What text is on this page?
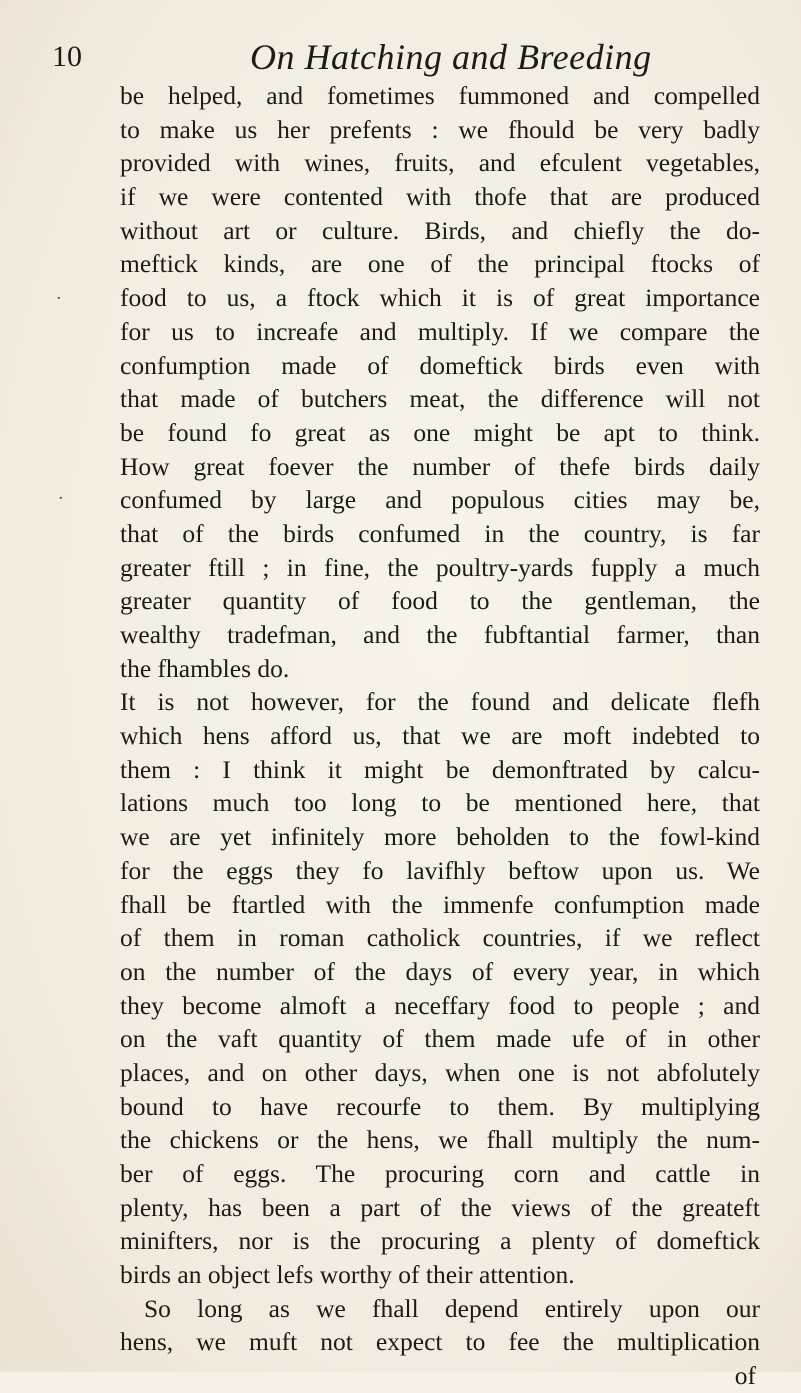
10	On Hatching and Breeding
be helped, and fometimes fummoned and compelled
to make us her prefents : we fhould be very badly
provided with wines, fruits, and efculent vegetables,
if we were contented with thofe that are produced
without art or culture. Birds, and chiefly the do-
meftick kinds, are one of the principal ftocks of
food to us, a ftock which it is of great importance
for us to increafe and multiply. If we compare the
confumption made of domeftick birds even with
that made of butchers meat, the difference will not
be found fo great as one might be apt to think.
How great foever the number of thefe birds daily
confumed by large and populous cities may be,
that of the birds confumed in the country, is far
greater ftill ; in fine, the poultry-yards fupply a much
greater quantity of food to the gentleman, the
wealthy tradefman, and the fubftantial farmer, than
the fhambles do.
It is not however, for the found and delicate flefh
which hens afford us, that we are moft indebted to
them : I think it might be demonftrated by calcu-
lations much too long to be mentioned here, that
we are yet infinitely more beholden to the fowl-kind
for the eggs they fo lavifhly beftow upon us. We
fhall be ftartled with the immenfe confumption made
of them in roman catholick countries, if we reflect
on the number of the days of every year, in which
they become almoft a neceffary food to people ; and
on the vaft quantity of them made ufe of in other
places, and on other days, when one is not abfolutely
bound to have recourfe to them. By multiplying
the chickens or the hens, we fhall multiply the num-
ber of eggs. The procuring corn and cattle in
plenty, has been a part of the views of the greateft
minifters, nor is the procuring a plenty of domeftick
birds an object lefs worthy of their attention.
So long as we fhall depend entirely upon our
hens, we muft not expect to fee the multiplication
of
·
·
